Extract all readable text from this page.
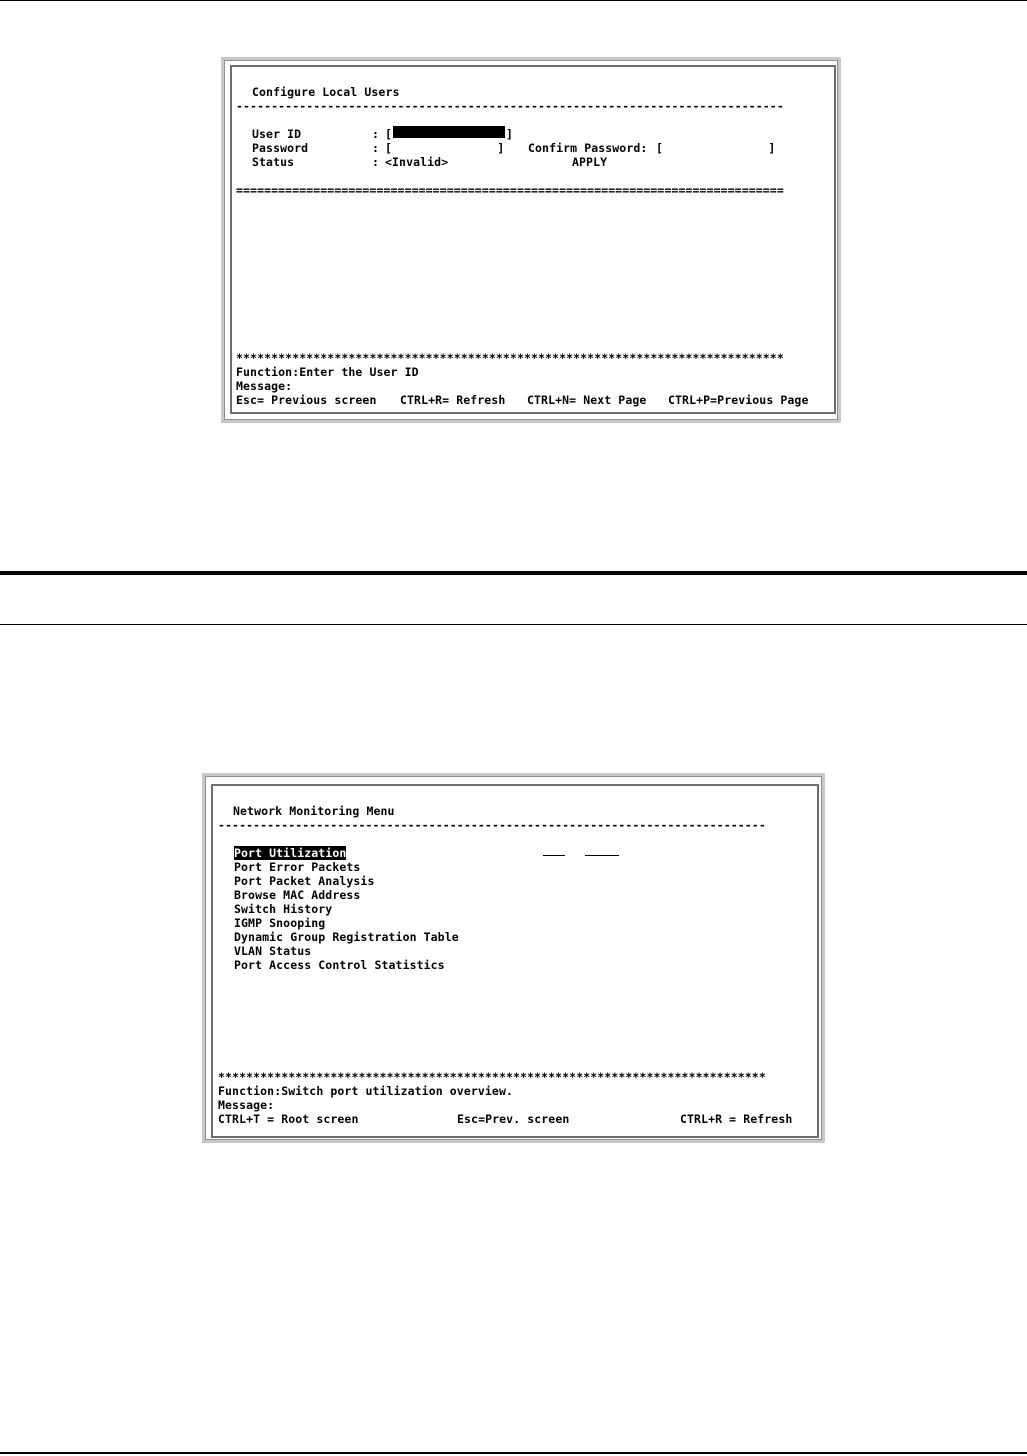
Configure Local Users
------------------------------------------------------------------------------
User ID	: [	]
Password	: [               ] Confirm Password: [               ]
Status	: <Invalid>	APPLY
==============================================================================
******************************************************************************
Function:Enter the User ID
Message:
Esc= Previous screen CTRL+R= Refresh CTRL+N= Next Page CTRL+P=Previous Page
Network Monitoring Menu
------------------------------------------------------------------------------
Port Utilization
Port Error Packets
Port Packet Analysis
Browse MAC Address
Switch History
IGMP Snooping
Dynamic Group Registration Table
VLAN Status
Port Access Control Statistics
******************************************************************************
Function:Switch port utilization overview.
Message:
CTRL+T = Root screen	Esc=Prev. screen	CTRL+R = Refresh
